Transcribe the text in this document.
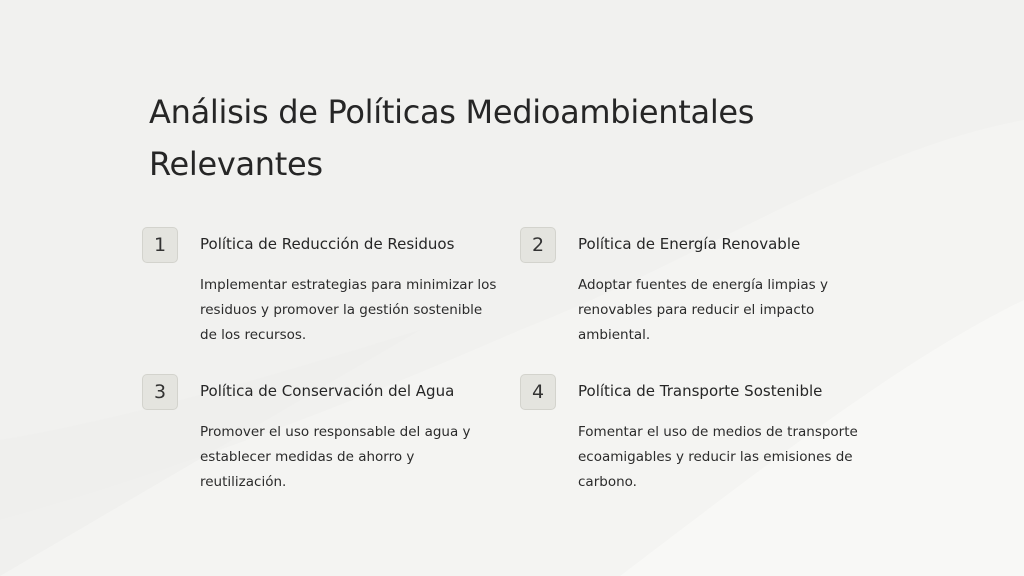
Análisis de Políticas Medioambientales Relevantes
1	Política de Reducción de Residuos

Implementar estrategias para minimizar los residuos y promover la gestión sostenible de los recursos.

2	Política de Energía Renovable

Adoptar fuentes de energía limpias y renovables para reducir el impacto ambiental.

3	Política de Conservación del Agua

Promover el uso responsable del agua y establecer medidas de ahorro y reutilización.

4	Política de Transporte Sostenible

Fomentar el uso de medios de transporte ecoamigables y reducir las emisiones de carbono.
